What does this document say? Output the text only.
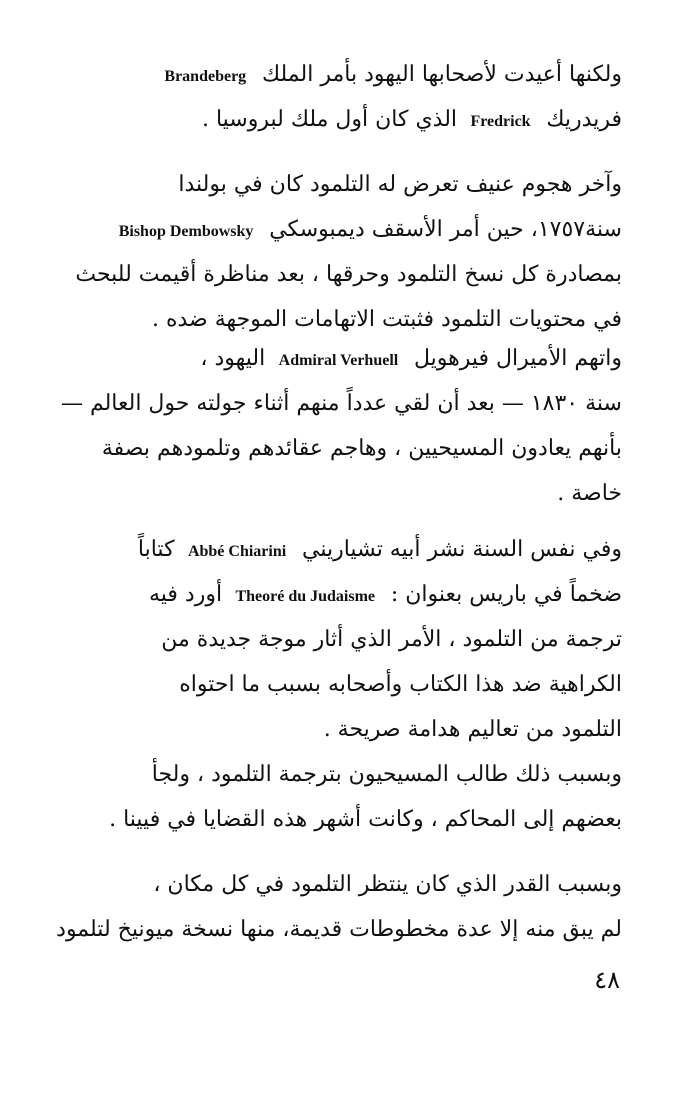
ولكنها أعيدت لأصحابها اليهود بأمر الملك Brandeberg
فريدريك Fredrick الذي كان أول ملك لبروسيا .
وآخر هجوم عنيف تعرض له التلمود كان في بولندا
سنة١٧٥٧، حين أمر الأسقف ديمبوسكي Bishop Dembowsky
بمصادرة كل نسخ التلمود وحرقها ، بعد مناظرة أقيمت للبحث
في محتويات التلمود فثبتت الاتهامات الموجهة ضده .
واتهم الأميرال فيرهويل Admiral Verhuell اليهود ،
سنة ١٨٣٠ — بعد أن لقي عدداً منهم أثناء جولته حول العالم —
بأنهم يعادون المسيحيين ، وهاجم عقائدهم وتلمودهم بصفة
خاصة .
وفي نفس السنة نشر أبيه تشياريني Abbé Chiarini كتاباً
ضخماً في باريس بعنوان : Theoré du Judaisme أورد فيه
ترجمة من التلمود ، الأمر الذي أثار موجة جديدة من
الكراهية ضد هذا الكتاب وأصحابه بسبب ما احتواه
التلمود من تعاليم هدامة صريحة .
وبسبب ذلك طالب المسيحيون بترجمة التلمود ، ولجأ
بعضهم إلى المحاكم ، وكانت أشهر هذه القضايا في فيينا .
وبسبب القدر الذي كان ينتظر التلمود في كل مكان ،
لم يبق منه إلا عدة مخطوطات قديمة، منها نسخة ميونيخ لتلمود
٤٨
